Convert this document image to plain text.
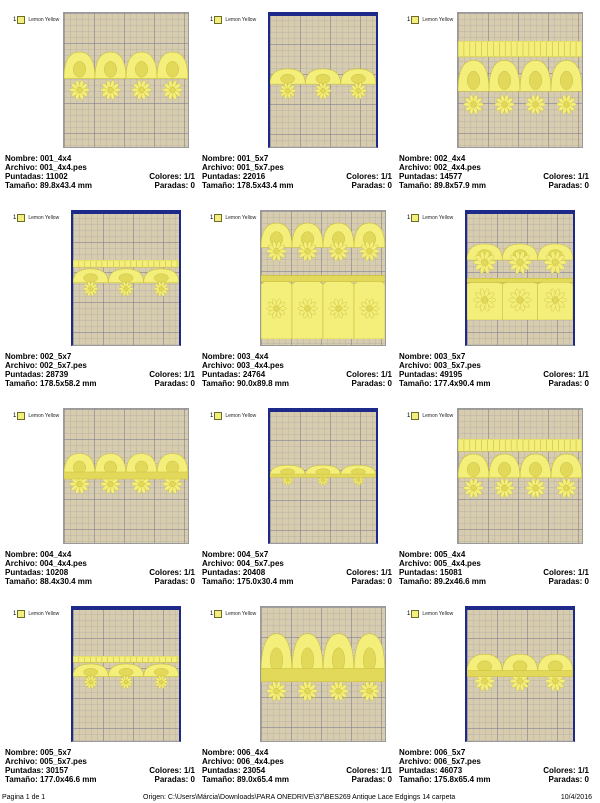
1 Lemon Yellow
Nombre: 001_4x4
Archivo: 001_4x4.pes
Puntadas: 11002	Colores: 1/1
Tamaño: 89.8x43.4 mm	Paradas: 0
1 Lemon Yellow
Nombre: 001_5x7
Archivo: 001_5x7.pes
Puntadas: 22016	Colores: 1/1
Tamaño: 178.5x43.4 mm	Paradas: 0
1 Lemon Yellow
Nombre: 002_4x4
Archivo: 002_4x4.pes
Puntadas: 14577	Colores: 1/1
Tamaño: 89.8x57.9 mm	Paradas: 0
1 Lemon Yellow
Nombre: 002_5x7
Archivo: 002_5x7.pes
Puntadas: 28739	Colores: 1/1
Tamaño: 178.5x58.2 mm	Paradas: 0
1 Lemon Yellow
Nombre: 003_4x4
Archivo: 003_4x4.pes
Puntadas: 24764	Colores: 1/1
Tamaño: 90.0x89.8 mm	Paradas: 0
1 Lemon Yellow
Nombre: 003_5x7
Archivo: 003_5x7.pes
Puntadas: 49195	Colores: 1/1
Tamaño: 177.4x90.4 mm	Paradas: 0
1 Lemon Yellow
Nombre: 004_4x4
Archivo: 004_4x4.pes
Puntadas: 10208	Colores: 1/1
Tamaño: 88.4x30.4 mm	Paradas: 0
1 Lemon Yellow
Nombre: 004_5x7
Archivo: 004_5x7.pes
Puntadas: 20408	Colores: 1/1
Tamaño: 175.0x30.4 mm	Paradas: 0
1 Lemon Yellow
Nombre: 005_4x4
Archivo: 005_4x4.pes
Puntadas: 15081	Colores: 1/1
Tamaño: 89.2x46.6 mm	Paradas: 0
1 Lemon Yellow
Nombre: 005_5x7
Archivo: 005_5x7.pes
Puntadas: 30157	Colores: 1/1
Tamaño: 177.0x46.6 mm	Paradas: 0
1 Lemon Yellow
Nombre: 006_4x4
Archivo: 006_4x4.pes
Puntadas: 23054	Colores: 1/1
Tamaño: 89.0x65.4 mm	Paradas: 0
1 Lemon Yellow
Nombre: 006_5x7
Archivo: 006_5x7.pes
Puntadas: 46073	Colores: 1/1
Tamaño: 175.8x65.4 mm	Paradas: 0
Pagina 1 de 1	Origen: C:\Users\Márcia\Downloads\PARA ONEDRIVE\37\BES269 Antique Lace Edgings 14 carpeta	10/4/2016
